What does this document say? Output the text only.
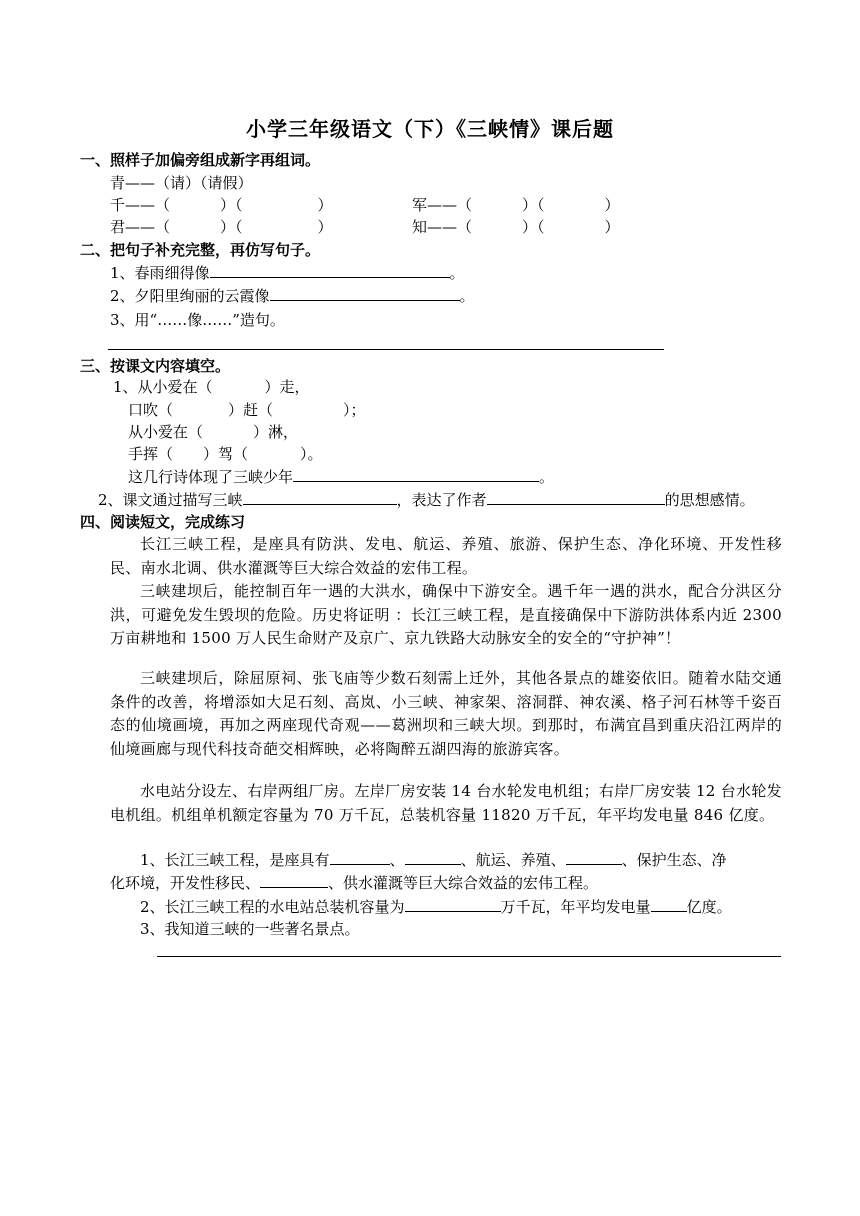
小学三年级语文（下）《三峡情》课后题
一、照样子加偏旁组成新字再组词。
青——（请）（请假）
千——（	）（	）	军——（	）（	）
君——（	）（	）	知——（	）（	）
二、把句子补充完整，再仿写句子。
1、春雨细得像	。
2、夕阳里绚丽的云霞像	。
3、用“……像……”造句。
三、按课文内容填空。
1、从小爱在（	）走，
口吹（	）赶（	）；
从小爱在（	）淋，
手挥（ ）驾（	）。
这几行诗体现了三峡少年	。
2、课文通过描写三峡	，表达了作者	的思想感情。
四、阅读短文，完成练习
长江三峡工程，是座具有防洪、发电、航运、养殖、旅游、保护生态、净化环境、开发性移民、南水北调、供水灌溉等巨大综合效益的宏伟工程。
三峡建坝后，能控制百年一遇的大洪水，确保中下游安全。遇千年一遇的洪水，配合分洪区分洪，可避免发生毁坝的危险。历史将证明 ：长江三峡工程，是直接确保中下游防洪体系内近 2300 万亩耕地和 1500 万人民生命财产及京广、京九铁路大动脉安全的安全的“守护神”！
三峡建坝后，除屈原祠、张飞庙等少数石刻需上迁外，其他各景点的雄姿依旧。随着水陆交通条件的改善，将增添如大足石刻、高岚、小三峡、神家架、溶洞群、神农溪、格子河石林等千姿百态的仙境画境，再加之两座现代奇观——葛洲坝和三峡大坝。到那时，布满宜昌到重庆沿江两岸的仙境画廊与现代科技奇葩交相辉映，必将陶醉五湖四海的旅游宾客。
水电站分设左、右岸两组厂房。左岸厂房安装 14 台水轮发电机组；右岸厂房安装 12 台水轮发电机组。机组单机额定容量为 70 万千瓦，总装机容量 11820 万千瓦，年平均发电量 846 亿度。
1、长江三峡工程，是座具有	、	、航运、养殖、	、保护生态、净
化环境，开发性移民、	、供水灌溉等巨大综合效益的宏伟工程。
2、长江三峡工程的水电站总装机容量为	万千瓦，年平均发电量 亿度。
3、我知道三峡的一些著名景点。
